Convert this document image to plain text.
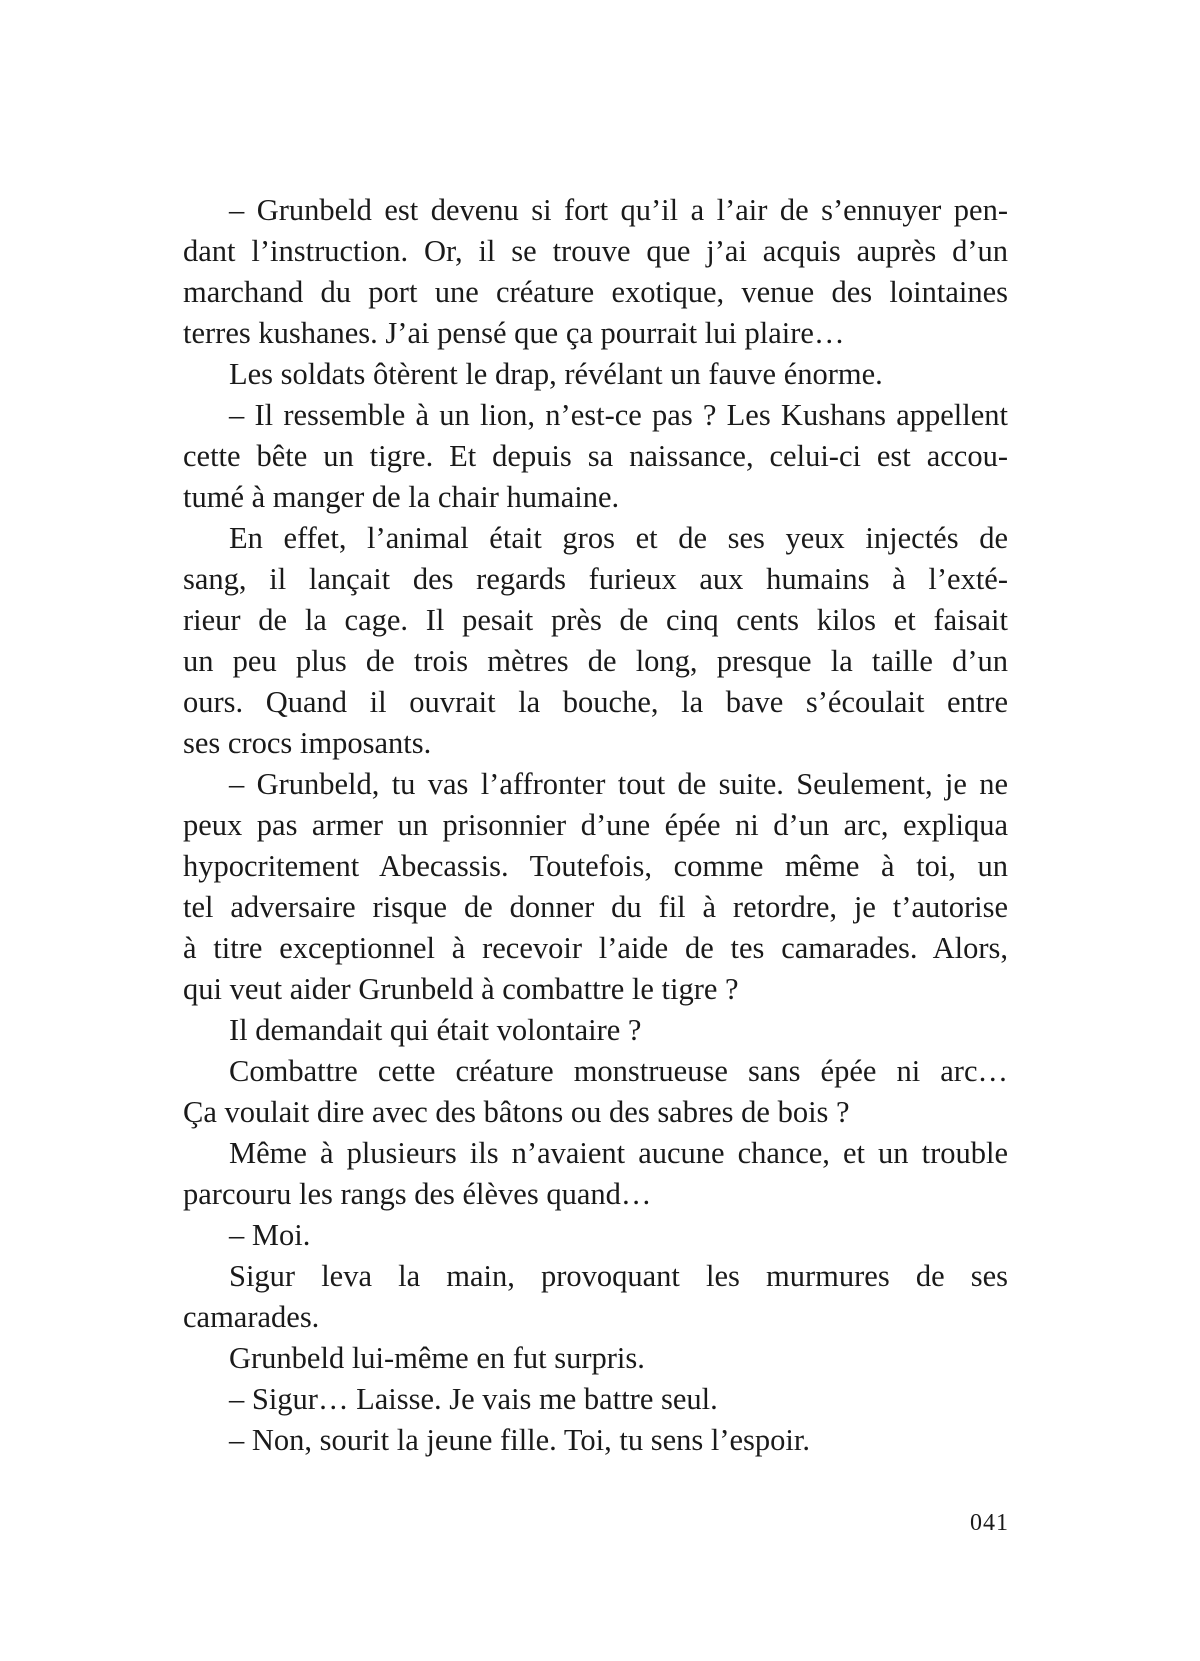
– Grunbeld est devenu si fort qu’il a l’air de s’ennuyer pen-
dant l’instruction. Or, il se trouve que j’ai acquis auprès d’un
marchand du port une créature exotique, venue des lointaines
terres kushanes. J’ai pensé que ça pourrait lui plaire…
Les soldats ôtèrent le drap, révélant un fauve énorme.
– Il ressemble à un lion, n’est-ce pas ? Les Kushans appellent
cette bête un tigre. Et depuis sa naissance, celui-ci est accou-
tumé à manger de la chair humaine.
En effet, l’animal était gros et de ses yeux injectés de
sang, il lançait des regards furieux aux humains à l’exté-
rieur de la cage. Il pesait près de cinq cents kilos et faisait
un peu plus de trois mètres de long, presque la taille d’un
ours. Quand il ouvrait la bouche, la bave s’écoulait entre
ses crocs imposants.
– Grunbeld, tu vas l’affronter tout de suite. Seulement, je ne
peux pas armer un prisonnier d’une épée ni d’un arc, expliqua
hypocritement Abecassis. Toutefois, comme même à toi, un
tel adversaire risque de donner du fil à retordre, je t’autorise
à titre exceptionnel à recevoir l’aide de tes camarades. Alors,
qui veut aider Grunbeld à combattre le tigre ?
Il demandait qui était volontaire ?
Combattre cette créature monstrueuse sans épée ni arc…
Ça voulait dire avec des bâtons ou des sabres de bois ?
Même à plusieurs ils n’avaient aucune chance, et un trouble
parcouru les rangs des élèves quand…
– Moi.
Sigur leva la main, provoquant les murmures de ses
camarades.
Grunbeld lui-même en fut surpris.
– Sigur… Laisse. Je vais me battre seul.
– Non, sourit la jeune fille. Toi, tu sens l’espoir.
041
